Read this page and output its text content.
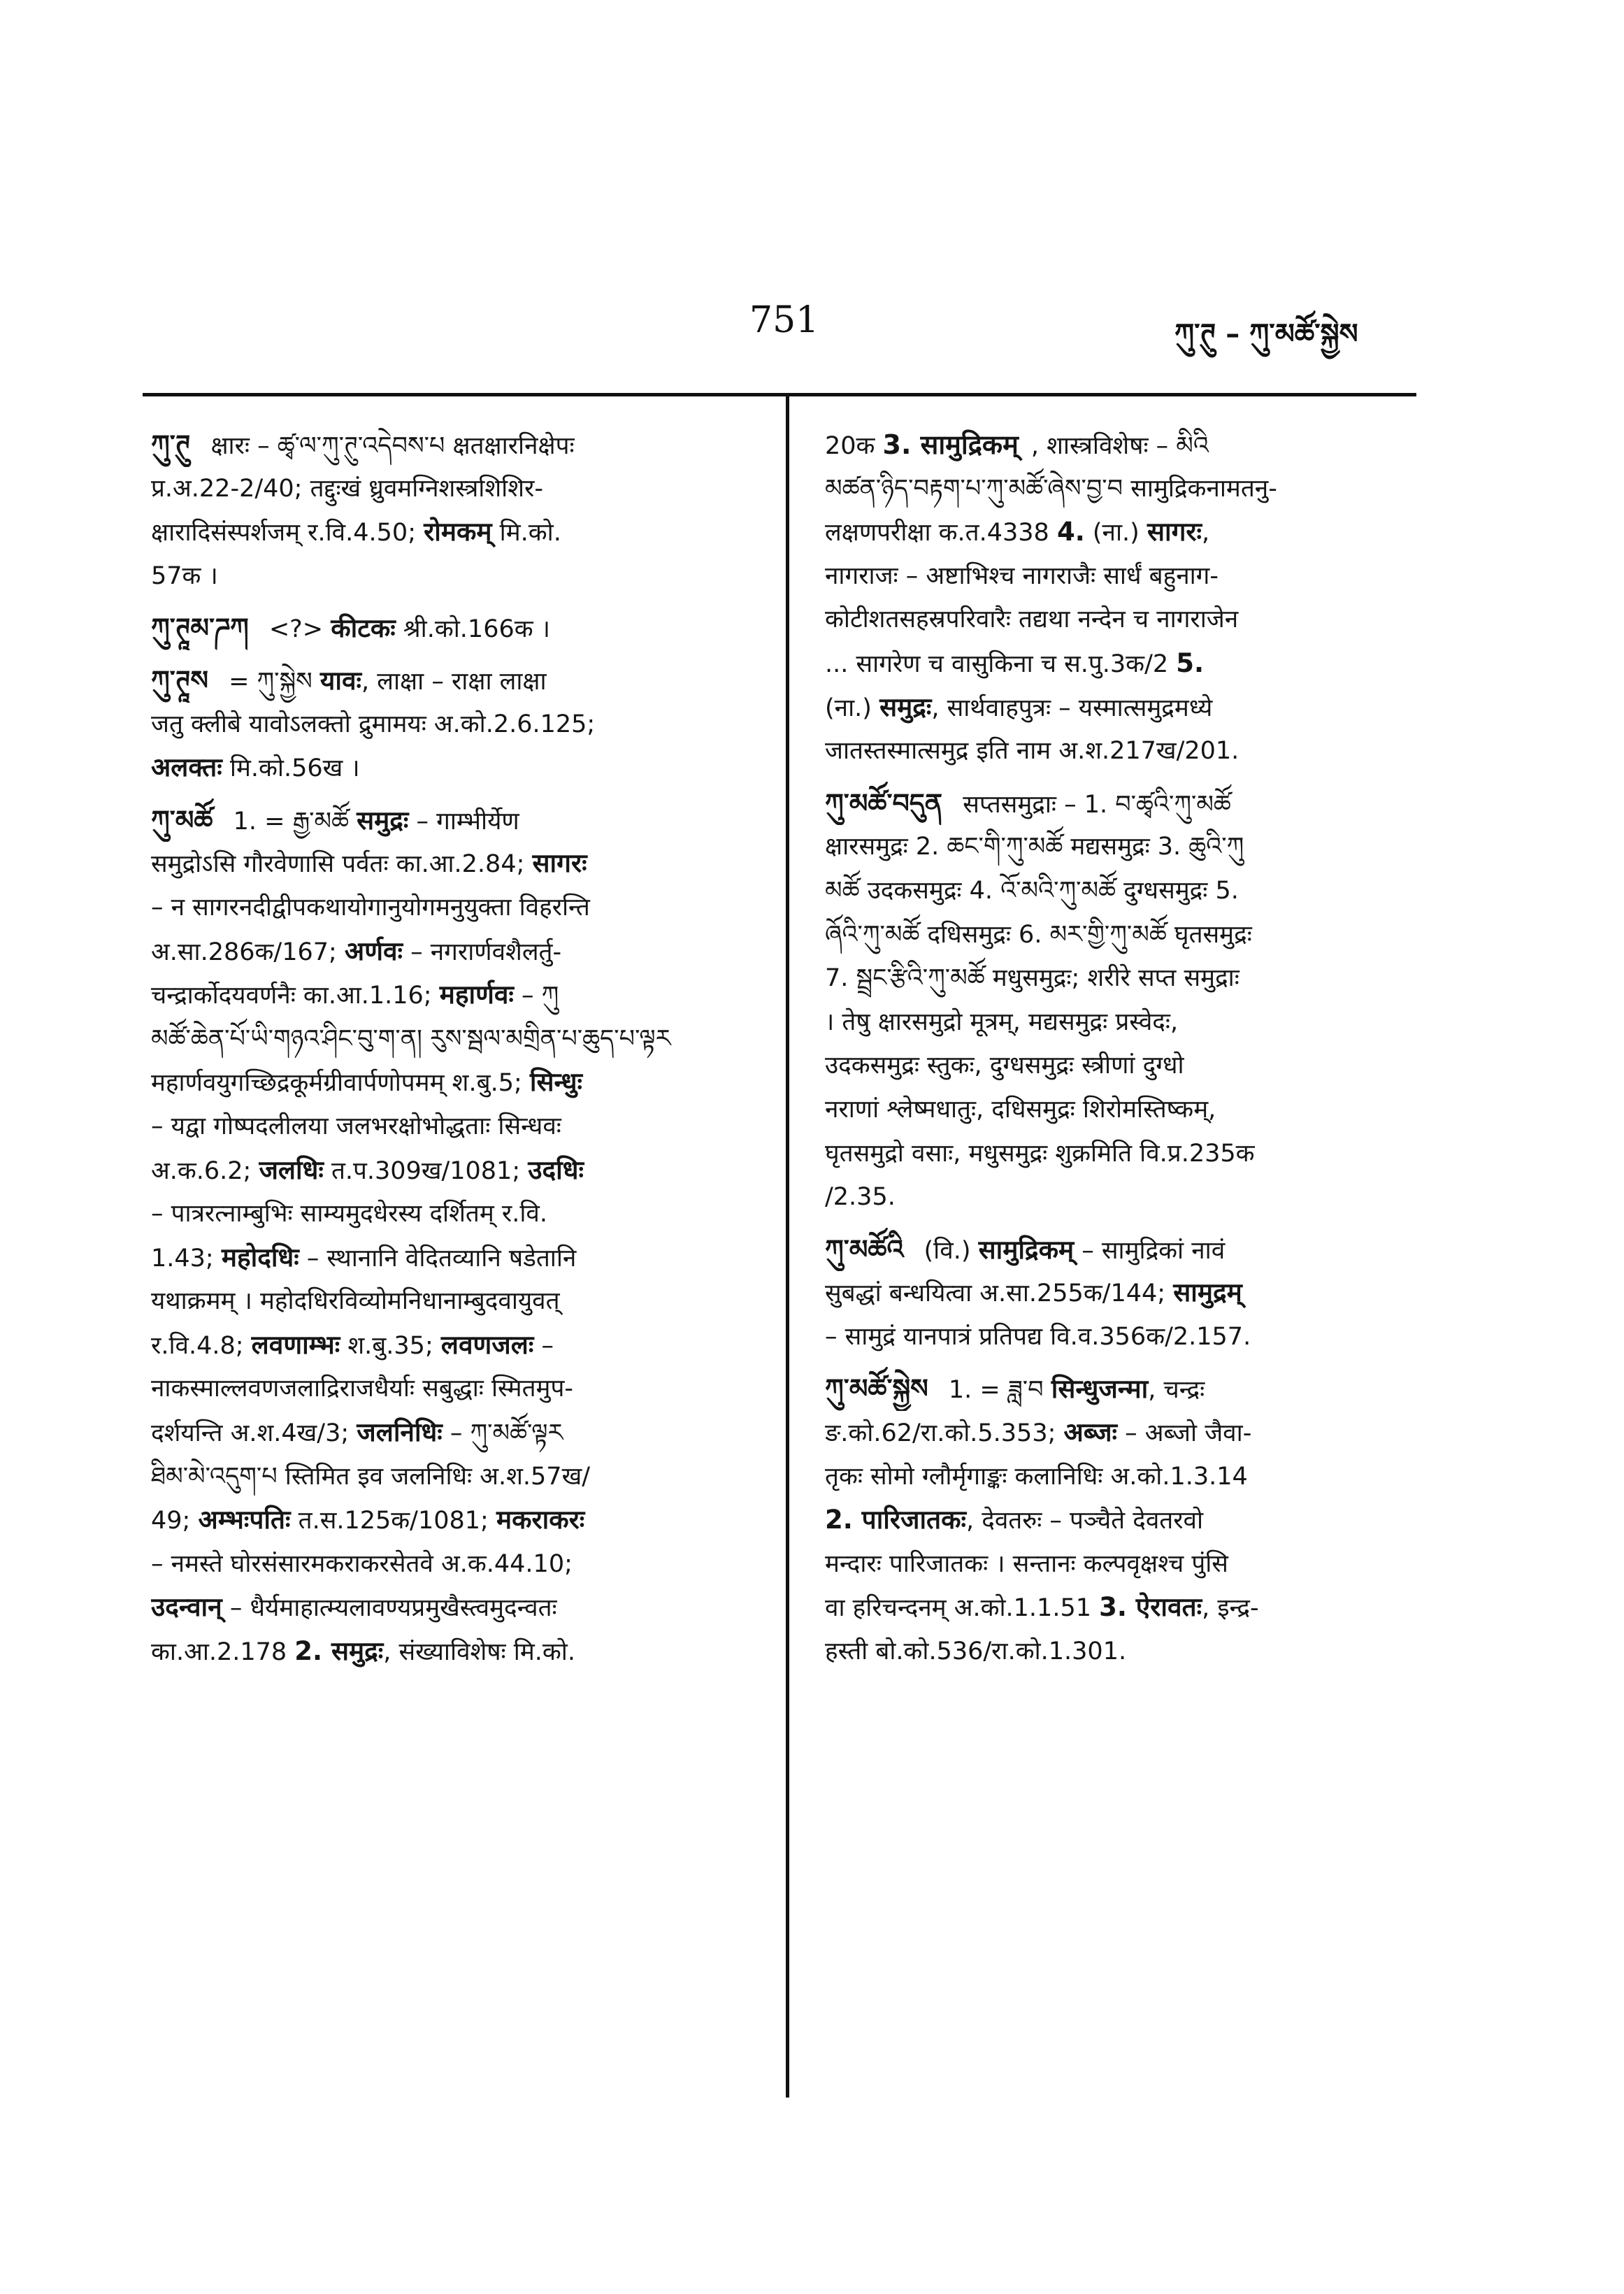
751	ཀུ་ཊུ – ཀུ་མཚོ་སྐྱེས
ཀུ་ཊུ क्षारः – ཚྭ་ལ་ཀུ་ཊུ་འདེབས་པ क्षतक्षारनिक्षेपः
प्र.अ.22-2/40; तद्दुःखं ध्रुवमग्निशस्त्रशिशिर-
क्षारादिसंस्पर्शजम् र.वि.4.50; रोमकम् मि.को.
57क ।
ཀུ་ཊཱམ་ཌཀ <?> कीटकः श्री.को.166क ।
ཀུ་ཊཱས = ཀུ་སྐྱེས यावः, लाक्षा – राक्षा लाक्षा
जतु क्लीबे यावोऽलक्तो द्रुमामयः अ.को.2.6.125;
अलक्तः मि.को.56ख ।
ཀུ་མཚོ 1. = རྒྱ་མཚོ समुद्रः – गाम्भीर्येण
समुद्रोऽसि गौरवेणासि पर्वतः का.आ.2.84; सागरः
– न सागरनदीद्वीपकथायोगानुयोगमनुयुक्ता विहरन्ति
अ.सा.286क/167; अर्णवः – नगरार्णवशैलर्तु-
चन्द्रार्कोदयवर्णनैः का.आ.1.16; महार्णवः – ཀུ
མཚོ་ཆེན་པོ་ཡི་གཉའ་ཤིང་བུ་ག་ན། རུས་སྦལ་མགྲིན་པ་ཆུད་པ་ལྟར
महार्णवयुगच्छिद्रकूर्मग्रीवार्पणोपमम् श.बु.5; सिन्धुः
– यद्वा गोष्पदलीलया जलभरक्षोभोद्धताः सिन्धवः
अ.क.6.2; जलधिः त.प.309ख/1081; उदधिः
– पात्ररत्नाम्बुभिः साम्यमुदधेरस्य दर्शितम् र.वि.
1.43; महोदधिः – स्थानानि वेदितव्यानि षडेतानि
यथाक्रमम् । महोदधिरविव्योमनिधानाम्बुदवायुवत्
र.वि.4.8; लवणाम्भः श.बु.35; लवणजलः –
नाकस्माल्लवणजलाद्रिराजधैर्याः सबुद्धाः स्मितमुप-
दर्शयन्ति अ.श.4ख/3; जलनिधिः – ཀུ་མཚོ་ལྟར
ཐིམ་མེ་འདུག་པ स्तिमित इव जलनिधिः अ.श.57ख/
49; अम्भःपतिः त.स.125क/1081; मकराकरः
– नमस्ते घोरसंसारमकराकरसेतवे अ.क.44.10;
उदन्वान् – धैर्यमाहात्म्यलावण्यप्रमुखैस्त्वमुदन्वतः
का.आ.2.178 2. समुद्रः, संख्याविशेषः मि.को.
20क 3. सामुद्रिकम् , शास्त्रविशेषः – མིའི
མཚན་ཉིད་བརྟག་པ་ཀུ་མཚོ་ཞེས་བྱ་བ सामुद्रिकनामतनु-
लक्षणपरीक्षा क.त.4338 4. (ना.) सागरः,
नागराजः – अष्टाभिश्च नागराजैः सार्धं बहुनाग-
कोटीशतसहस्रपरिवारैः तद्यथा नन्देन च नागराजेन
... सागरेण च वासुकिना च स.पु.3क/2 5.
(ना.) समुद्रः, सार्थवाहपुत्रः – यस्मात्समुद्रमध्ये
जातस्तस्मात्समुद्र इति नाम अ.श.217ख/201.
ཀུ་མཚོ་བདུན सप्तसमुद्राः – 1. བ་ཚྭའི་ཀུ་མཚོ
क्षारसमुद्रः 2. ཆང་གི་ཀུ་མཚོ मद्यसमुद्रः 3. ཆུའི་ཀུ
མཚོ उदकसमुद्रः 4. འོ་མའི་ཀུ་མཚོ दुग्धसमुद्रः 5.
ཞོའི་ཀུ་མཚོ दधिसमुद्रः 6. མར་གྱི་ཀུ་མཚོ घृतसमुद्रः
7. སྦྲང་རྩིའི་ཀུ་མཚོ मधुसमुद्रः; शरीरे सप्त समुद्राः
। तेषु क्षारसमुद्रो मूत्रम्, मद्यसमुद्रः प्रस्वेदः,
उदकसमुद्रः स्तुकः, दुग्धसमुद्रः स्त्रीणां दुग्धो
नराणां श्लेष्मधातुः, दधिसमुद्रः शिरोमस्तिष्कम्,
घृतसमुद्रो वसाः, मधुसमुद्रः शुक्रमिति वि.प्र.235क
/2.35.
ཀུ་མཚོའི (वि.) सामुद्रिकम् – सामुद्रिकां नावं
सुबद्धां बन्धयित्वा अ.सा.255क/144; सामुद्रम्
– सामुद्रं यानपात्रं प्रतिपद्य वि.व.356क/2.157.
ཀུ་མཚོ་སྐྱེས 1. = ཟླ་བ सिन्धुजन्मा, चन्द्रः
ङ.को.62/रा.को.5.353; अब्जः – अब्जो जैवा-
तृकः सोमो ग्लौर्मृगाङ्कः कलानिधिः अ.को.1.3.14
2. पारिजातकः, देवतरुः – पञ्चैते देवतरवो
मन्दारः पारिजातकः । सन्तानः कल्पवृक्षश्च पुंसि
वा हरिचन्दनम् अ.को.1.1.51 3. ऐरावतः, इन्द्र-
हस्ती बो.को.536/रा.को.1.301.
